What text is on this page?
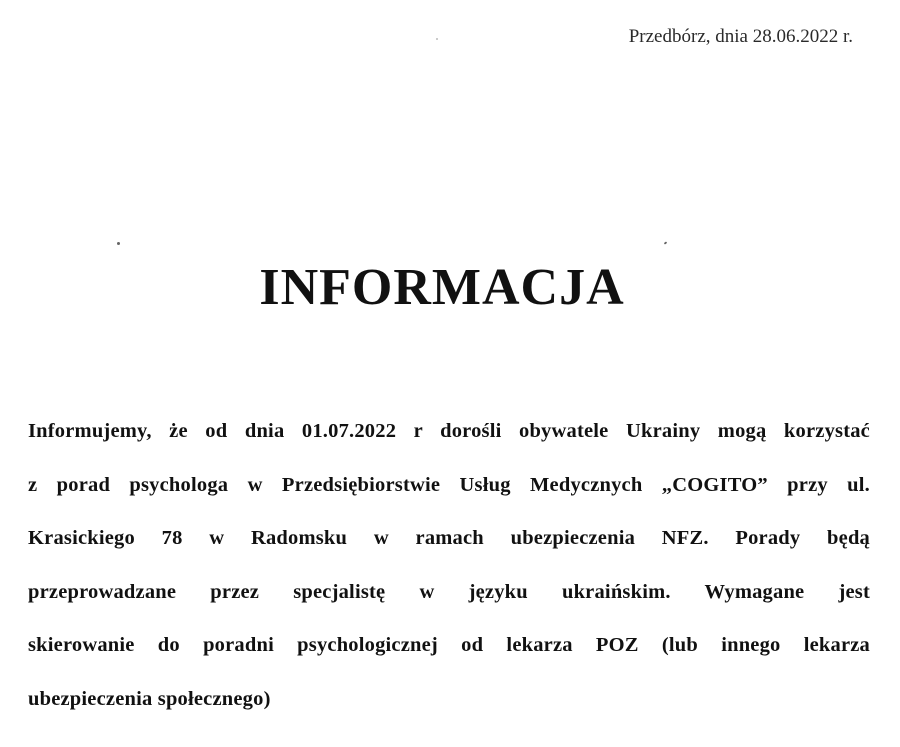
Przedbórz, dnia 28.06.2022 r.
INFORMACJA
Informujemy, że od dnia 01.07.2022 r dorośli obywatele Ukrainy mogą korzystać
z porad psychologa w Przedsiębiorstwie Usług Medycznych „COGITO” przy ul.
Krasickiego 78 w Radomsku w ramach ubezpieczenia NFZ. Porady będą
przeprowadzane przez specjalistę w języku ukraińskim. Wymagane jest
skierowanie do poradni psychologicznej od lekarza POZ (lub innego lekarza
ubezpieczenia społecznego)
